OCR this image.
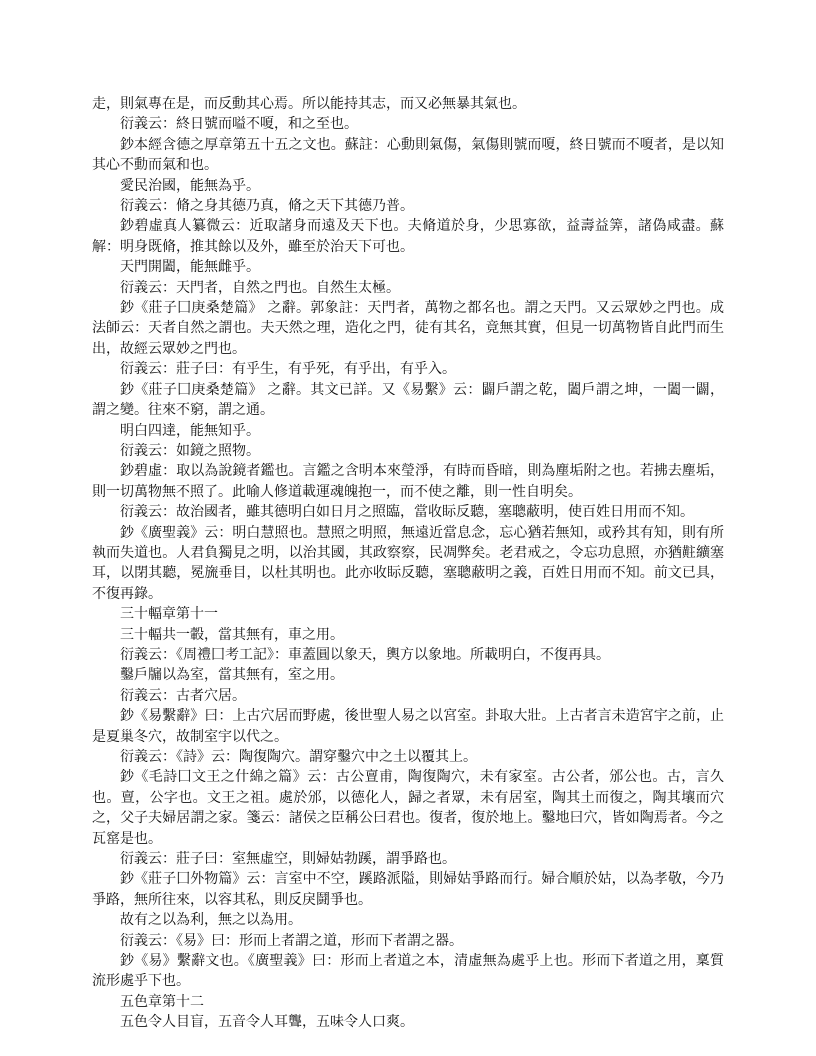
走，則氣專在是，而反動其心焉。所以能持其志，而又必無暴其氣也。

衍義云：終日號而嗌不嗄，和之至也。

鈔本經含德之厚章第五十五之文也。蘇註：心動則氣傷，氣傷則號而嗄，終日號而不嗄者，是以知其心不動而氣和也。

愛民治國，能無為乎。

衍義云：脩之身其德乃真，脩之天下其德乃普。

鈔碧虛真人纂微云：近取諸身而遠及天下也。夫脩道於身，少思寡欲，益壽益筭，諸偽咸盡。蘇解：明身既脩，推其餘以及外，雖至於治天下可也。

天門開闔，能無雌乎。

衍義云：天門者，自然之門也。自然生太極。

鈔《莊子囗庚桑楚篇》 之辭。郭象註：天門者，萬物之都名也。謂之天門。又云眾妙之門也。成法師云：天者自然之謂也。夫天然之理，造化之門，徒有其名，竟無其實，但見一切萬物皆自此門而生出，故經云眾妙之門也。

衍義云：莊子曰：有乎生，有乎死，有乎出，有乎入。

鈔《莊子囗庚桑楚篇》 之辭。其文已詳。又《易繫》云：闢戶謂之乾，闔戶謂之坤，一闔一闢，謂之變。往來不窮，謂之通。

明白四達，能無知乎。

衍義云：如鏡之照物。

鈔碧虛：取以為說鏡者鑑也。言鑑之含明本來瑩淨，有時而昏暗，則為塵垢附之也。若拂去塵垢，則一切萬物無不照了。此喻人修道載運魂魄抱一，而不使之離，則一性自明矣。

衍義云：故治國者，雖其德明白如日月之照臨，當收眎反聽，塞聰蔽明，使百姓日用而不知。

鈔《廣聖義》云：明白慧照也。慧照之明照，無遠近當息念，忘心猶若無知，或矜其有知，則有所執而失道也。人君負獨見之明，以治其國，其政察察，民凋弊矣。老君戒之，令忘功息照，亦猶黈纊塞耳，以閉其聽，冕旒垂目，以杜其明也。此亦收眎反聽，塞聰蔽明之義，百姓日用而不知。前文已具，不復再錄。

三十輻章第十一

三十輻共一轂，當其無有，車之用。

衍義云：《周禮囗考工記》：車蓋圓以象天，輿方以象地。所載明白，不復再具。

鑿戶牖以為室，當其無有，室之用。

衍義云：古者穴居。

鈔《易繫辭》曰：上古穴居而野處，後世聖人易之以宮室。卦取大壯。上古者言未造宮宇之前，止是夏巢冬穴，故制室宇以代之。

衍義云：《詩》云：陶復陶穴。謂穿鑿穴中之土以覆其上。

鈔《毛詩囗文王之什綿之篇》云：古公亶甫，陶復陶穴，未有家室。古公者，邠公也。古，言久也。亶，公字也。文王之祖。處於邠，以德化人，歸之者眾，未有居室，陶其土而復之，陶其壤而穴之，父子夫婦居謂之家。箋云：諸侯之臣稱公曰君也。復者，復於地上。鑿地曰穴，皆如陶焉者。今之瓦窰是也。

衍義云：莊子曰：室無虛空，則婦姑勃蹊，謂爭路也。

鈔《莊子囗外物篇》云：言室中不空，蹊路派隘，則婦姑爭路而行。婦合順於姑，以為孝敬，今乃爭路，無所往來，以容其私，則反戾鬪爭也。

故有之以為利，無之以為用。

衍義云：《易》曰：形而上者謂之道，形而下者謂之器。

鈔《易》繫辭文也。《廣聖義》曰：形而上者道之本，清虛無為處乎上也。形而下者道之用，稟質流形處乎下也。

五色章第十二

五色令人目盲，五音令人耳聾，五味令人口爽。
